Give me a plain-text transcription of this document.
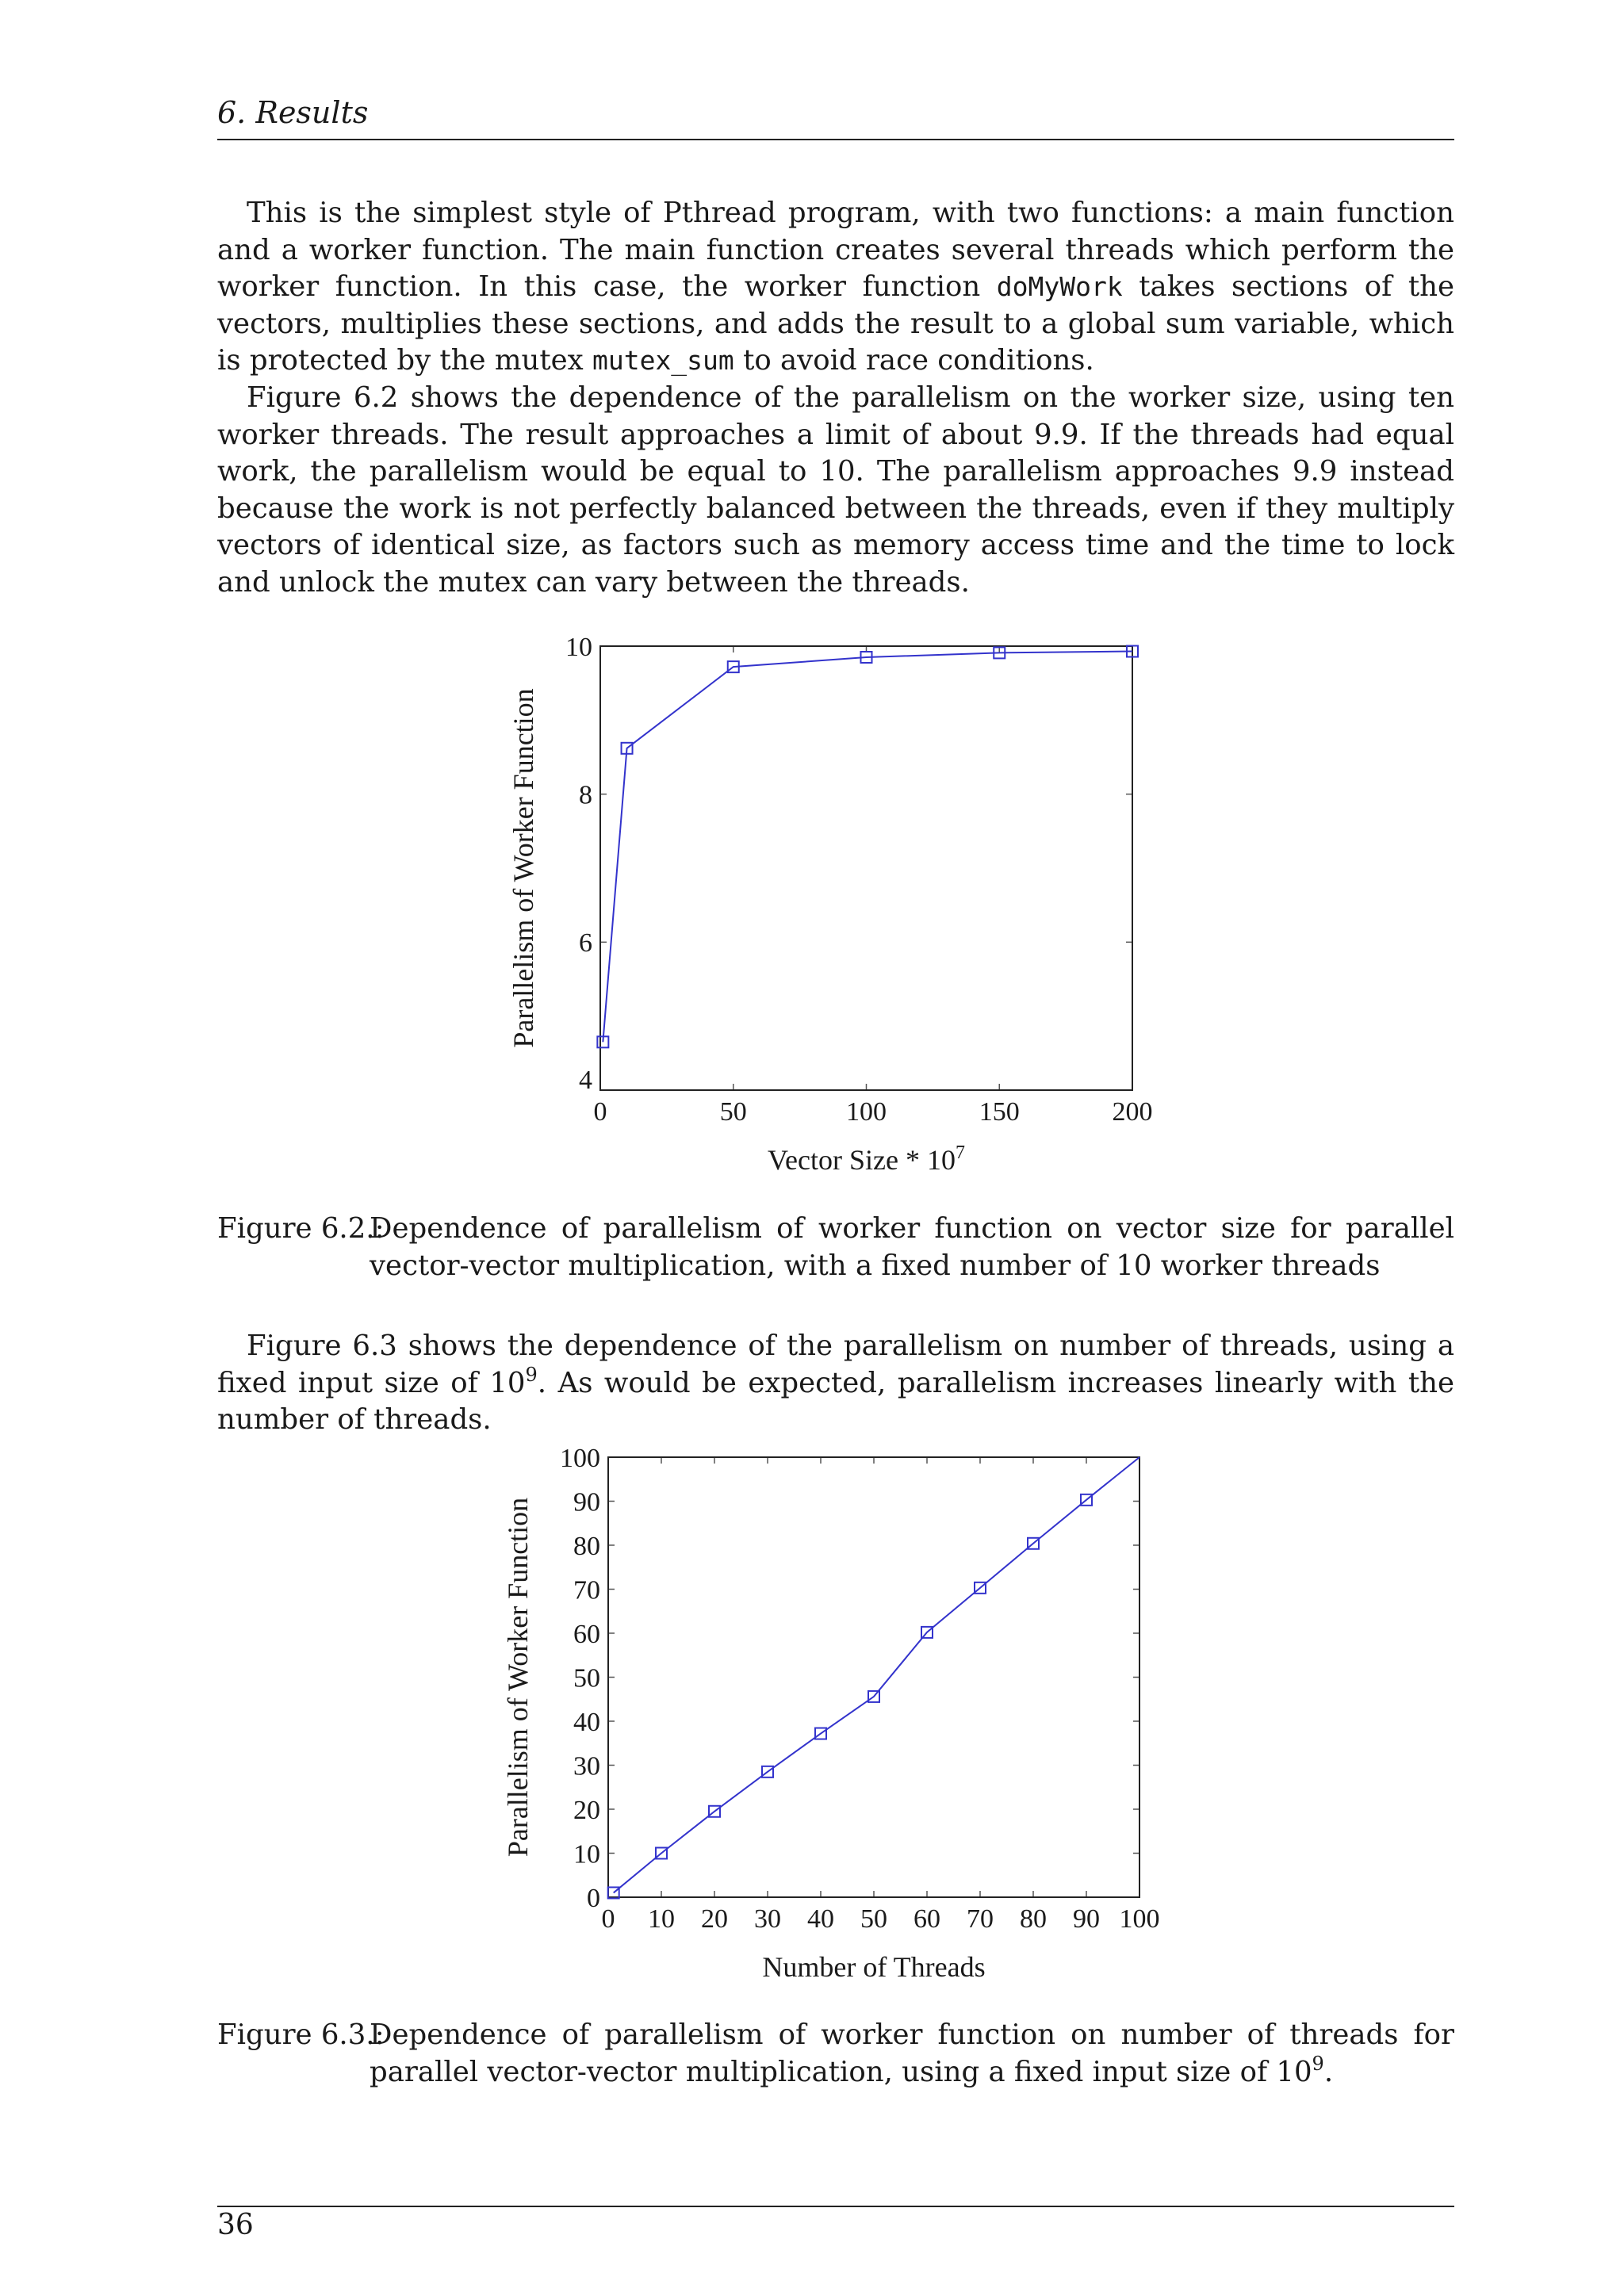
6. Results

This is the simplest style of Pthread program, with two functions: a main function and a worker function. The main function creates several threads which perform the worker function. In this case, the worker function doMyWork takes sections of the vectors, multiplies these sections, and adds the result to a global sum variable, which is protected by the mutex mutex_sum to avoid race conditions.

Figure 6.2 shows the dependence of the parallelism on the worker size, using ten worker threads. The result approaches a limit of about 9.9. If the threads had equal work, the parallelism would be equal to 10. The parallelism approaches 9.9 instead because the work is not perfectly balanced between the threads, even if they multiply vectors of identical size, as factors such as memory access time and the time to lock and unlock the mutex can vary between the threads.

0	50	100	150	200
4
6
8
10
Vector Size * $10^7$
Parallelism of Worker Function
Figure 6.2.:
Dependence of parallelism of worker function on vector size for parallel vector-vector multiplication, with a fixed number of 10 worker threads

Figure 6.3 shows the dependence of the parallelism on number of threads, using a fixed input size of $10^9$. As would be expected, parallelism increases linearly with the number of threads.

0 10 20 30 40 50 60 70 80 90 100
0
10
20
30
40
50
60
70
80
90
100
Number of Threads
Parallelism of Worker Function
Figure 6.3.:
Dependence of parallelism of worker function on number of threads for parallel vector-vector multiplication, using a fixed input size of $10^9$.
36
